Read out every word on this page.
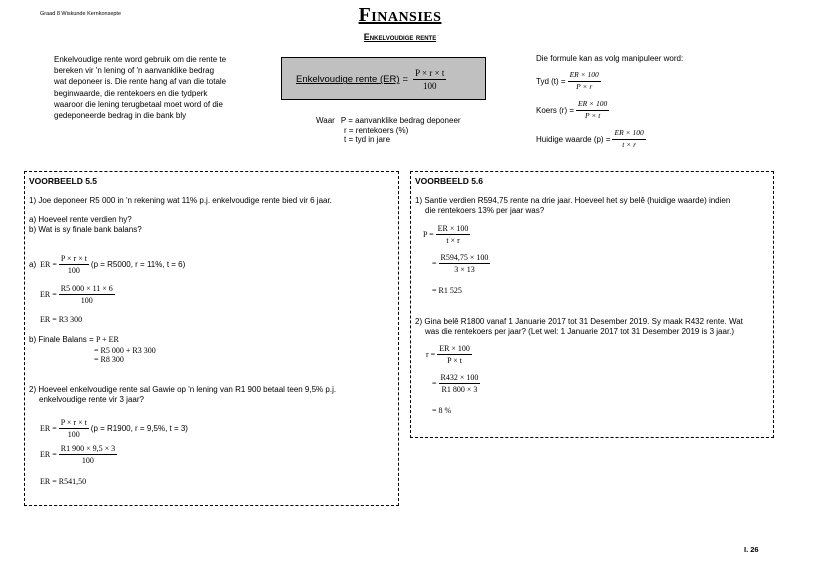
Graad 8 Wiskunde Kernkonsepte	Finansies
Enkelvoudige rente
Enkelvoudige rente word gebruik om die rente te
bereken vir 'n lening of 'n aanvanklike bedrag
wat deponeer is. Die rente hang af van die totale
beginwaarde, die rentekoers en die tydperk
waaroor die lening terugbetaal moet word of die
gedeponeerde bedrag in die bank bly
Enkelvoudige rente $(ER) = \frac{P \times r \times t}{100}$
Waar P = aanvanklike bedrag deponeer
r = rentekoers (%)
t = tyd in jare
Die formule kan as volg manipuleer word:
Tyd $(t) = \frac{ER \times 100}{P \times r}$
Koers $(r) = \frac{ER \times 100}{P \times t}$
Huidige waarde $(p) = \frac{ER \times 100}{t \times r}$
VOORBEELD 5.5
1) Joe deponeer R5 000 in 'n rekening wat 11% p.j. enkelvoudige rente bied vir 6 jaar.
a) Hoeveel rente verdien hy?
b) Wat is sy finale bank balans?
a) ER = $\frac{P \times r \times t}{100} (p = R5000$, r = 11%, t = 6)
ER = $\frac{R5 000 \times 11 \times 6}{100}$
ER = R3 300
b) Finale Balans = P + ER
= R5 000 + R3 300
= R8 300
2) Hoeveel enkelvoudige rente sal Gawie op 'n lening van R1 900 betaal teen 9,5% p.j.
enkelvoudige rente vir 3 jaar?
ER = $\frac{P \times r \times t}{100} (p = R1900$, r = 9,5%, t = 3)
ER = $\frac{R1 900 \times 9,5 \times 3}{100}$
ER = R541,50
VOORBEELD 5.6
1) Santie verdien R594,75 rente na drie jaar. Hoeveel het sy belê (huidige waarde) indien
die rentekoers 13% per jaar was?
$P = \frac{ER \times 100}{t \times r}$
= $\frac{R594,75 \times 100}{3 \times 13}$
= R1 525
2) Gina belê R1800 vanaf 1 Januarie 2017 tot 31 Desember 2019. Sy maak R432 rente. Wat
was die rentekoers per jaar? (Let wel: 1 Januarie 2017 tot 31 Desember 2019 is 3 jaar.)
$r = \frac{ER \times 100}{P \times t}$
= $\frac{R432 \times 100}{R1 800 \times 3}$
= 8 %
I. 26
